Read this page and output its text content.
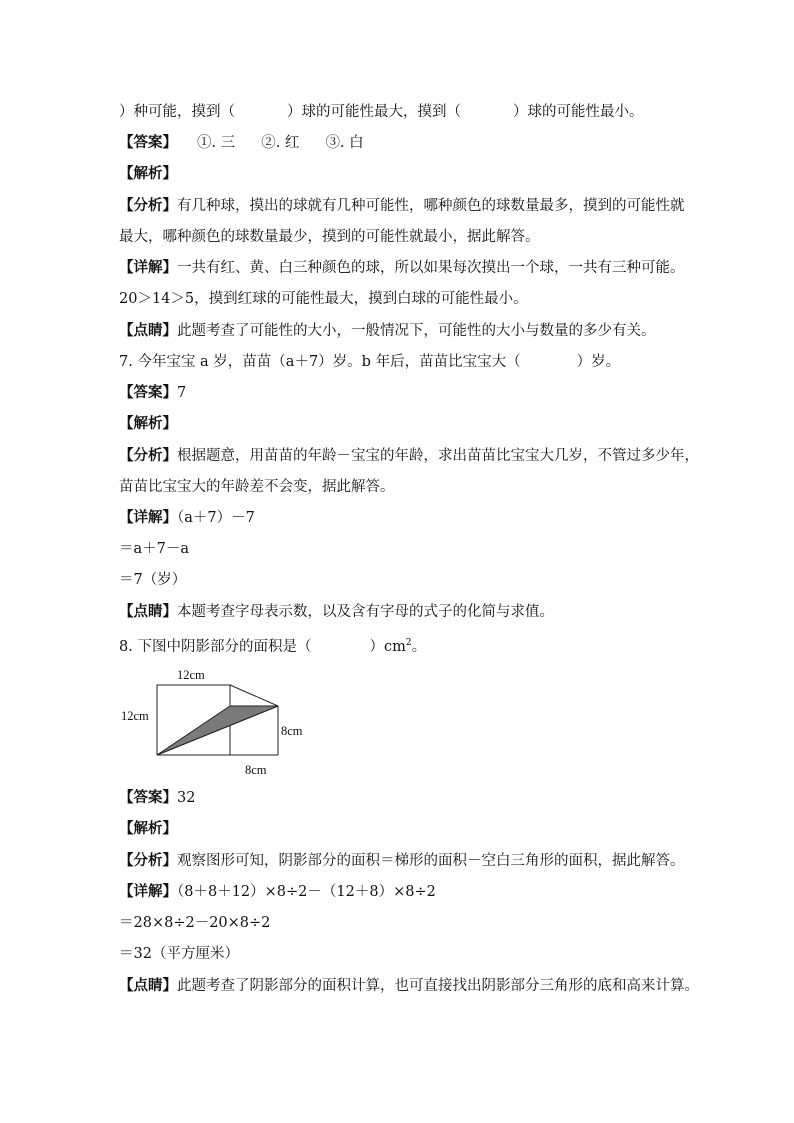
）种可能，摸到（	）球的可能性最大，摸到（	）球的可能性最小。
【答案】 ①. 三 ②. 红 ③. 白
【解析】
【分析】有几种球，摸出的球就有几种可能性，哪种颜色的球数量最多，摸到的可能性就
最大，哪种颜色的球数量最少，摸到的可能性就最小，据此解答。
【详解】一共有红、黄、白三种颜色的球，所以如果每次摸出一个球，一共有三种可能。
20＞14＞5，摸到红球的可能性最大，摸到白球的可能性最小。
【点睛】此题考查了可能性的大小，一般情况下，可能性的大小与数量的多少有关。
7. 今年宝宝 a 岁，苗苗（a＋7）岁。b 年后，苗苗比宝宝大（	）岁。
【答案】7
【解析】
【分析】根据题意，用苗苗的年龄－宝宝的年龄，求出苗苗比宝宝大几岁，不管过多少年，
苗苗比宝宝大的年龄差不会变，据此解答。
【详解】（a＋7）－7
＝a＋7－a
＝7（岁）
【点睛】本题考查字母表示数，以及含有字母的式子的化简与求值。
8. 下图中阴影部分的面积是（	）$cm^2$。
12cm
12cm
8cm
8cm
【答案】32
【解析】
【分析】观察图形可知，阴影部分的面积＝梯形的面积－空白三角形的面积，据此解答。
【详解】（8＋8＋12）×8÷2－（12＋8）×8÷2
＝28×8÷2－20×8÷2
＝32（平方厘米）
【点睛】此题考查了阴影部分的面积计算，也可直接找出阴影部分三角形的底和高来计算。
